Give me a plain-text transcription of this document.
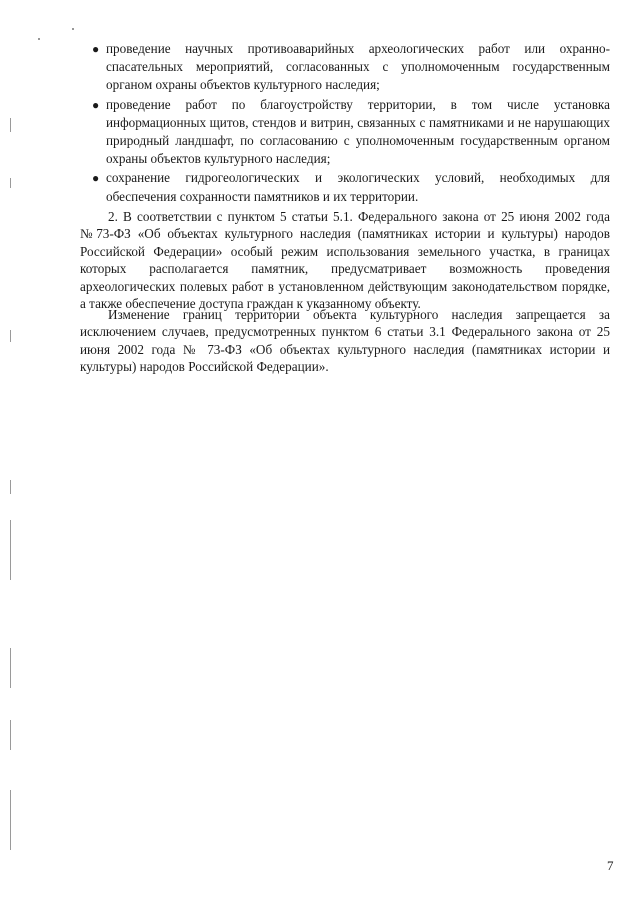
● проведение научных противоаварийных археологических работ или охранно-спасательных мероприятий, согласованных с уполномоченным государственным органом охраны объектов культурного наследия;
● проведение работ по благоустройству территории, в том числе установка информационных щитов, стендов и витрин, связанных с памятниками и не нарушающих природный ландшафт, по согласованию с уполномоченным государственным органом охраны объектов культурного наследия;
● сохранение гидрогеологических и экологических условий, необходимых для обеспечения сохранности памятников и их территории.

2. В соответствии с пунктом 5 статьи 5.1. Федерального закона от 25 июня 2002 года №73-ФЗ «Об объектах культурного наследия (памятниках истории и культуры) народов Российской Федерации» особый режим использования земельного участка, в границах которых располагается памятник, предусматривает возможность проведения археологических полевых работ в установленном действующим законодательством порядке, а также обеспечение доступа граждан к указанному объекту.

Изменение границ территории объекта культурного наследия запрещается за исключением случаев, предусмотренных пунктом 6 статьи 3.1 Федерального закона от 25 июня 2002 года № 73-ФЗ «Об объектах культурного наследия (памятниках истории и культуры) народов Российской Федерации».

7
